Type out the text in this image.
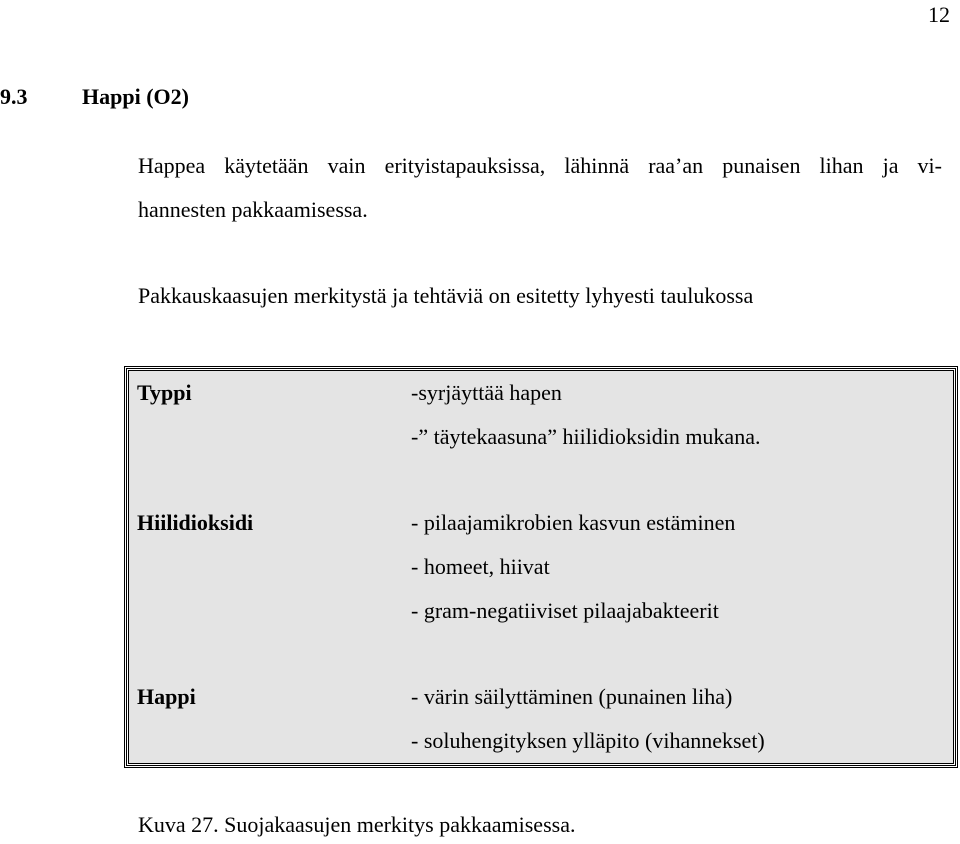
12
9.3 Happi (O2)

Happea käytetään vain erityistapauksissa, lähinnä raa’an punaisen lihan ja vi-
hannesten pakkaamisessa.

Pakkauskaasujen merkitystä ja tehtäviä on esitetty lyhyesti taulukossa

Typpi	-syrjäyttää hapen
-” täytekaasuna” hiilidioksidin mukana.
Hiilidioksidi	- pilaajamikrobien kasvun estäminen
- homeet, hiivat
- gram-negatiiviset pilaajabakteerit
Happi	- värin säilyttäminen (punainen liha)
- soluhengityksen ylläpito (vihannekset)
Kuva 27. Suojakaasujen merkitys pakkaamisessa.
